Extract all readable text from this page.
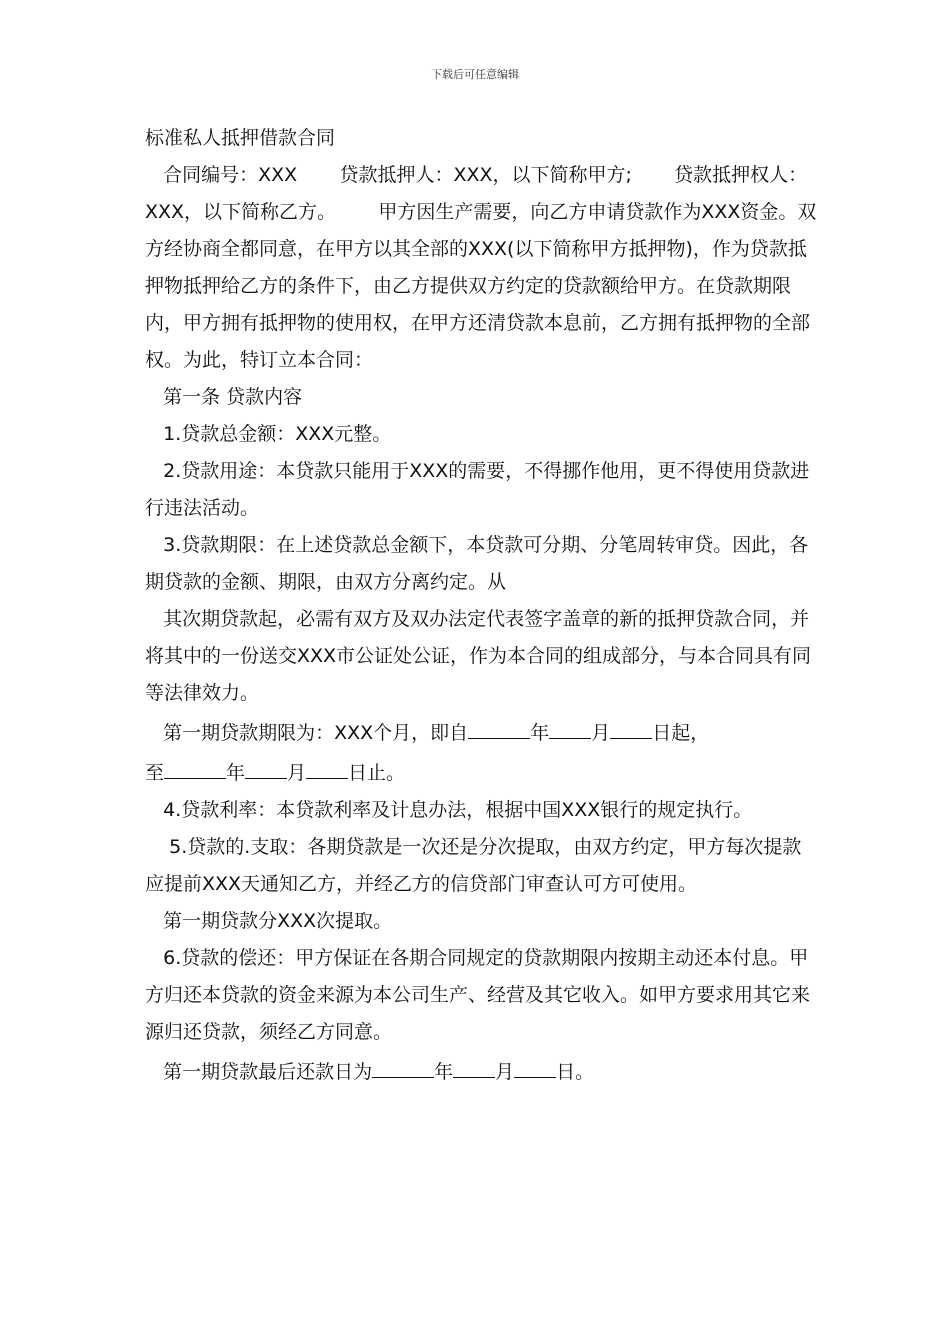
下载后可任意编辑

标准私人抵押借款合同

合同编号：XXX       贷款抵押人：XXX，以下简称甲方;       贷款抵押权人：XXX，以下简称乙方。       甲方因生产需要，向乙方申请贷款作为XXX资金。双方经协商全都同意，在甲方以其全部的XXX(以下简称甲方抵押物)，作为贷款抵押物抵押给乙方的条件下，由乙方提供双方约定的贷款额给甲方。在贷款期限内，甲方拥有抵押物的使用权，在甲方还清贷款本息前，乙方拥有抵押物的全部权。为此，特订立本合同：

第一条 贷款内容

1.贷款总金额：XXX元整。

2.贷款用途：本贷款只能用于XXX的需要，不得挪作他用，更不得使用贷款进行违法活动。

3.贷款期限：在上述贷款总金额下，本贷款可分期、分笔周转审贷。因此，各期贷款的金额、期限，由双方分离约定。从

其次期贷款起，必需有双方及双办法定代表签字盖章的新的抵押贷款合同，并将其中的一份送交XXX市公证处公证，作为本合同的组成部分，与本合同具有同等法律效力。

第一期贷款期限为：XXX个月，即自	年 月 日起，

至	年 月 日止。

4.贷款利率：本贷款利率及计息办法，根据中国XXX银行的规定执行。

5.贷款的.支取：各期贷款是一次还是分次提取，由双方约定，甲方每次提款应提前XXX天通知乙方，并经乙方的信贷部门审查认可方可使用。

第一期贷款分XXX次提取。

6.贷款的偿还：甲方保证在各期合同规定的贷款期限内按期主动还本付息。甲方归还本贷款的资金来源为本公司生产、经营及其它收入。如甲方要求用其它来源归还贷款，须经乙方同意。

第一期贷款最后还款日为	年 月 日。
